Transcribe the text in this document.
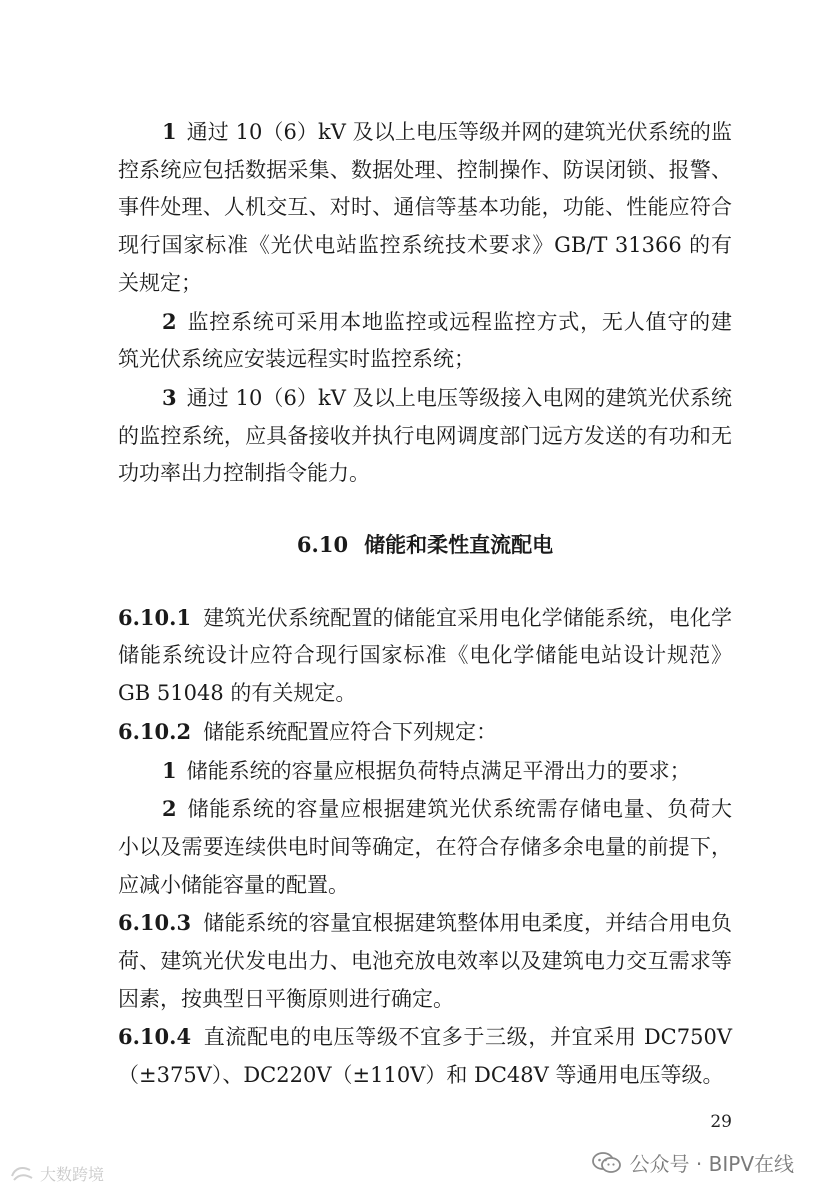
1 通过 10（6）kV 及以上电压等级并网的建筑光伏系统的监控系统应包括数据采集、数据处理、控制操作、防误闭锁、报警、事件处理、人机交互、对时、通信等基本功能，功能、性能应符合现行国家标准《光伏电站监控系统技术要求》GB/T 31366 的有关规定；

2 监控系统可采用本地监控或远程监控方式，无人值守的建筑光伏系统应安装远程实时监控系统；

3 通过 10（6）kV 及以上电压等级接入电网的建筑光伏系统的监控系统，应具备接收并执行电网调度部门远方发送的有功和无功功率出力控制指令能力。

6.10 储能和柔性直流配电

6.10.1 建筑光伏系统配置的储能宜采用电化学储能系统，电化学储能系统设计应符合现行国家标准《电化学储能电站设计规范》GB 51048 的有关规定。

6.10.2 储能系统配置应符合下列规定：

1 储能系统的容量应根据负荷特点满足平滑出力的要求；

2 储能系统的容量应根据建筑光伏系统需存储电量、负荷大小以及需要连续供电时间等确定，在符合存储多余电量的前提下，应减小储能容量的配置。

6.10.3 储能系统的容量宜根据建筑整体用电柔度，并结合用电负荷、建筑光伏发电出力、电池充放电效率以及建筑电力交互需求等因素，按典型日平衡原则进行确定。

6.10.4 直流配电的电压等级不宜多于三级，并宜采用 DC750V（±375V）、DC220V（±110V）和 DC48V 等通用电压等级。

29
公众号 · BIPV在线
大数跨境
